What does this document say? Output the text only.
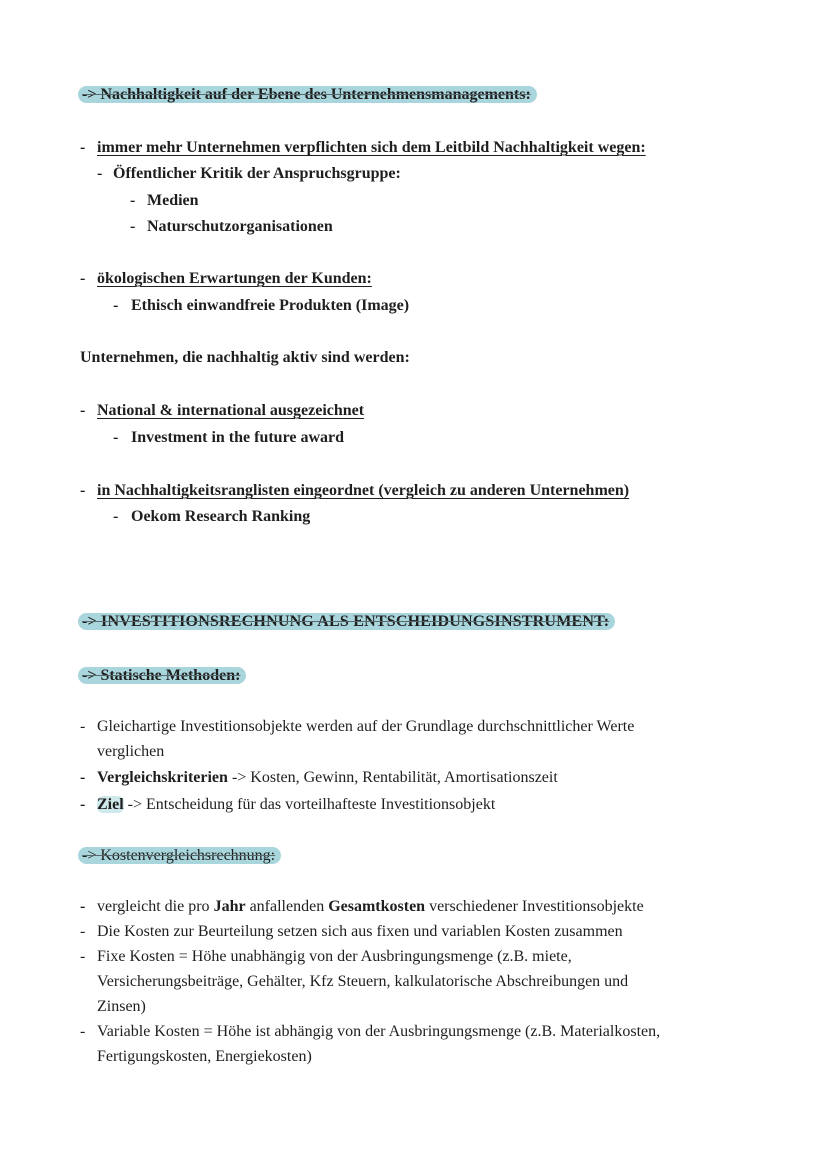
-> Nachhaltigkeit auf der Ebene des Unternehmensmanagements:
- immer mehr Unternehmen verpflichten sich dem Leitbild Nachhaltigkeit wegen:
- Öffentlicher Kritik der Anspruchsgruppe:
- Medien
- Naturschutzorganisationen
- ökologischen Erwartungen der Kunden:
- Ethisch einwandfreie Produkten (Image)
Unternehmen, die nachhaltig aktiv sind werden:
- National & international ausgezeichnet
- Investment in the future award
- in Nachhaltigkeitsranglisten eingeordnet (vergleich zu anderen Unternehmen)
- Oekom Research Ranking
-> INVESTITIONSRECHNUNG ALS ENTSCHEIDUNGSINSTRUMENT:
-> Statische Methoden:
- Gleichartige Investitionsobjekte werden auf der Grundlage durchschnittlicher Werte
verglichen
- Vergleichskriterien -> Kosten, Gewinn, Rentabilität, Amortisationszeit
- Ziel -> Entscheidung für das vorteilhafteste Investitionsobjekt
-> Kostenvergleichsrechnung:
- vergleicht die pro Jahr anfallenden Gesamtkosten verschiedener Investitionsobjekte
- Die Kosten zur Beurteilung setzen sich aus fixen und variablen Kosten zusammen
- Fixe Kosten = Höhe unabhängig von der Ausbringungsmenge (z.B. miete,
Versicherungsbeiträge, Gehälter, Kfz Steuern, kalkulatorische Abschreibungen und
Zinsen)
- Variable Kosten = Höhe ist abhängig von der Ausbringungsmenge (z.B. Materialkosten,
Fertigungskosten, Energiekosten)
